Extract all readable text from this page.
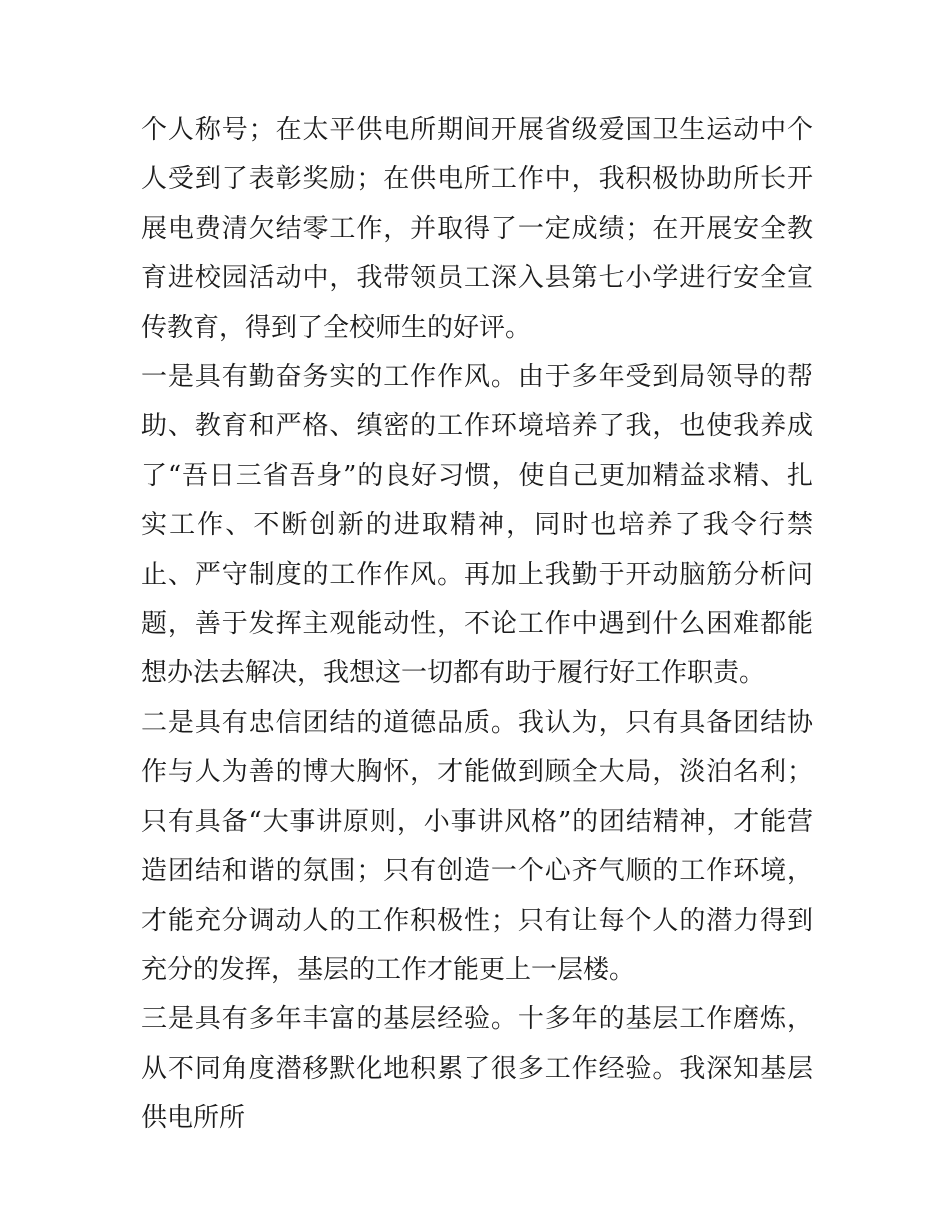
个人称号；在太平供电所期间开展省级爱国卫生运动中个人受到了表彰奖励；在供电所工作中，我积极协助所长开展电费清欠结零工作，并取得了一定成绩；在开展安全教育进校园活动中，我带领员工深入县第七小学进行安全宣传教育，得到了全校师生的好评。

一是具有勤奋务实的工作作风。由于多年受到局领导的帮助、教育和严格、缜密的工作环境培养了我，也使我养成了“吾日三省吾身”的良好习惯，使自己更加精益求精、扎实工作、不断创新的进取精神，同时也培养了我令行禁止、严守制度的工作作风。再加上我勤于开动脑筋分析问题，善于发挥主观能动性，不论工作中遇到什么困难都能想办法去解决，我想这一切都有助于履行好工作职责。

二是具有忠信团结的道德品质。我认为，只有具备团结协作与人为善的博大胸怀，才能做到顾全大局，淡泊名利；只有具备“大事讲原则，小事讲风格”的团结精神，才能营造团结和谐的氛围；只有创造一个心齐气顺的工作环境，才能充分调动人的工作积极性；只有让每个人的潜力得到充分的发挥，基层的工作才能更上一层楼。

三是具有多年丰富的基层经验。十多年的基层工作磨炼，从不同角度潜移默化地积累了很多工作经验。我深知基层供电所所
